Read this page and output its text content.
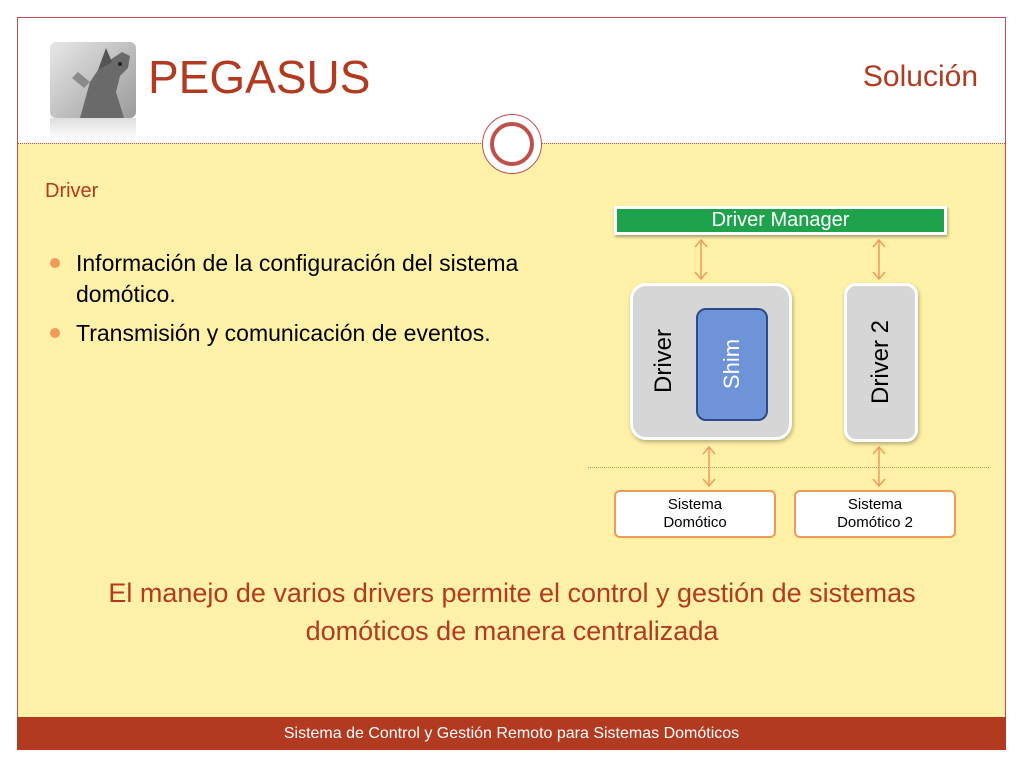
PEGASUS	Solución
Driver
Información de la configuración del sistema domótico.
Transmisión y comunicación de eventos.
Driver Manager
Driver Shim	Driver 2
Sistema
Domótico
Sistema
Domótico 2
El manejo de varios drivers permite el control y gestión de sistemas domóticos de manera centralizada
Sistema de Control y Gestión Remoto para Sistemas Domóticos
